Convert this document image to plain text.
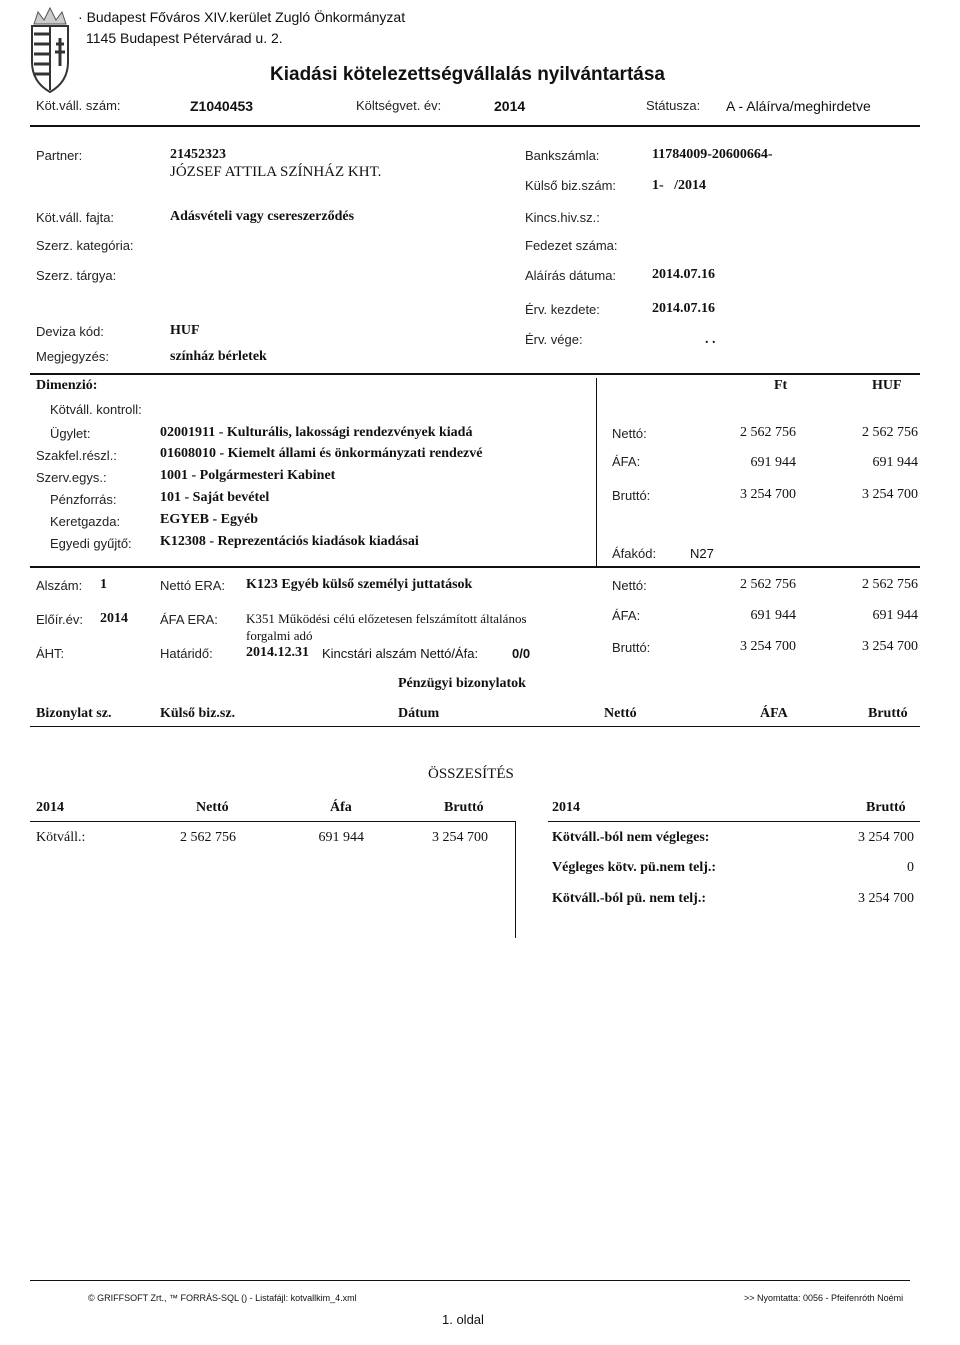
· Budapest Főváros XIV.kerület Zugló Önkormányzat
1145 Budapest Pétervárad u. 2.
Kiadási kötelezettségvállalás nyilvántartása
Köt.váll. szám:	Z1040453	Költségvet. év:	2014	Státusza: A - Aláírva/meghirdetve
Partner:	21452323
JÓZSEF ATTILA SZÍNHÁZ KHT.
Bankszámla:	11784009-20600664-
Külső biz.szám:	1-   /2014
Köt.váll. fajta:	Adásvételi vagy csereszerződés	Kincs.hiv.sz.:
Szerz. kategória:	Fedezet száma:
Szerz. tárgya:	Aláírás dátuma:	2014.07.16
Érv. kezdete:	2014.07.16
Deviza kód:	HUF
Érv. vége:	. .
Megjegyzés:	színház bérletek
Dimenzió:	Ft	HUF
Kötváll. kontroll:
Ügylet:	02001911 - Kulturális, lakossági rendezvények kiadá
Szakfel.részl.:	01608010 - Kiemelt állami és önkormányzati rendezvé
Szerv.egys.:	1001 - Polgármesteri Kabinet
Pénzforrás:	101 - Saját bevétel
Keretgazda:	EGYEB - Egyéb
Egyedi gyűjtő: K12308 - Reprezentációs kiadások kiadásai
Nettó:	2 562 756	2 562 756
ÁFA:	691 944	691 944
Bruttó:	3 254 700	3 254 700
Áfakód:	N27
Alszám: 1	Nettó ERA: K123 Egyéb külső személyi juttatások
Előír.év: 2014 ÁFA ERA: K351 Működési célú előzetesen felszámított általános
forgalmi adó
ÁHT:	Határidő: 2014.12.31 Kincstári alszám Nettó/Áfa:	0/0
Nettó:	2 562 756	2 562 756
ÁFA:	691 944	691 944
Bruttó:	3 254 700	3 254 700
Pénzügyi bizonylatok
Bizonylat sz.	Külső biz.sz.	Dátum	Nettó	ÁFA	Bruttó
ÖSSZESÍTÉS
2014	Nettó	Áfa	Bruttó	2014	Bruttó
Kötváll.:	2 562 756	691 944	3 254 700	Kötváll.-ból nem végleges:	3 254 700
Végleges kötv. pü.nem telj.:	0
Kötváll.-ból pü. nem telj.:	3 254 700
© GRIFFSOFT Zrt., ™ FORRÁS-SQL () - Listafájl: kotvallkim_4.xml	>> Nyomtatta: 0056 - Pfeifenróth Noémi
1. oldal
